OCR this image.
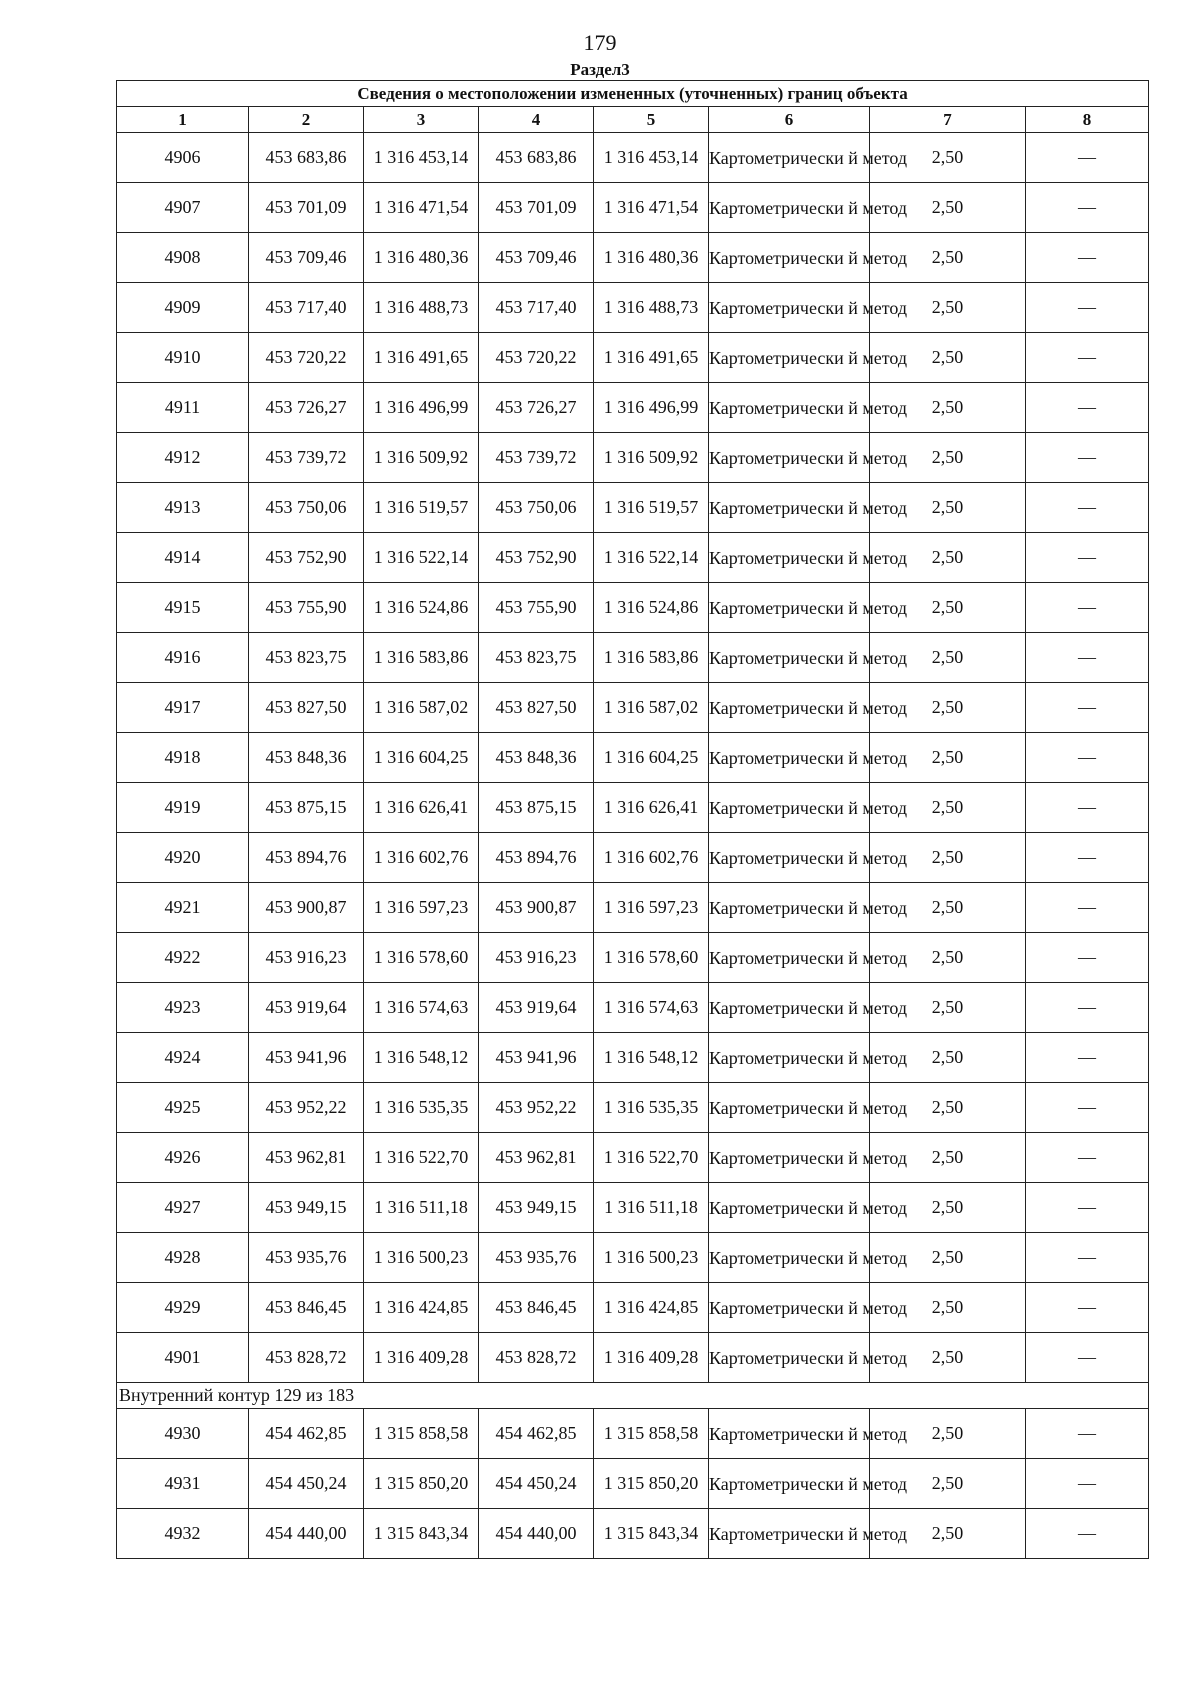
179
Раздел3
Сведения о местоположении измененных (уточненных) границ объекта							
1	2	3	4	5	6	7	8
4906	453 683,86	1 316 453,14	453 683,86	1 316 453,14	Картометрически й метод	2,50	—
4907	453 701,09	1 316 471,54	453 701,09	1 316 471,54	Картометрически й метод	2,50	—
4908	453 709,46	1 316 480,36	453 709,46	1 316 480,36	Картометрически й метод	2,50	—
4909	453 717,40	1 316 488,73	453 717,40	1 316 488,73	Картометрически й метод	2,50	—
4910	453 720,22	1 316 491,65	453 720,22	1 316 491,65	Картометрически й метод	2,50	—
4911	453 726,27	1 316 496,99	453 726,27	1 316 496,99	Картометрически й метод	2,50	—
4912	453 739,72	1 316 509,92	453 739,72	1 316 509,92	Картометрически й метод	2,50	—
4913	453 750,06	1 316 519,57	453 750,06	1 316 519,57	Картометрически й метод	2,50	—
4914	453 752,90	1 316 522,14	453 752,90	1 316 522,14	Картометрически й метод	2,50	—
4915	453 755,90	1 316 524,86	453 755,90	1 316 524,86	Картометрически й метод	2,50	—
4916	453 823,75	1 316 583,86	453 823,75	1 316 583,86	Картометрически й метод	2,50	—
4917	453 827,50	1 316 587,02	453 827,50	1 316 587,02	Картометрически й метод	2,50	—
4918	453 848,36	1 316 604,25	453 848,36	1 316 604,25	Картометрически й метод	2,50	—
4919	453 875,15	1 316 626,41	453 875,15	1 316 626,41	Картометрически й метод	2,50	—
4920	453 894,76	1 316 602,76	453 894,76	1 316 602,76	Картометрически й метод	2,50	—
4921	453 900,87	1 316 597,23	453 900,87	1 316 597,23	Картометрически й метод	2,50	—
4922	453 916,23	1 316 578,60	453 916,23	1 316 578,60	Картометрически й метод	2,50	—
4923	453 919,64	1 316 574,63	453 919,64	1 316 574,63	Картометрически й метод	2,50	—
4924	453 941,96	1 316 548,12	453 941,96	1 316 548,12	Картометрически й метод	2,50	—
4925	453 952,22	1 316 535,35	453 952,22	1 316 535,35	Картометрически й метод	2,50	—
4926	453 962,81	1 316 522,70	453 962,81	1 316 522,70	Картометрически й метод	2,50	—
4927	453 949,15	1 316 511,18	453 949,15	1 316 511,18	Картометрически й метод	2,50	—
4928	453 935,76	1 316 500,23	453 935,76	1 316 500,23	Картометрически й метод	2,50	—
4929	453 846,45	1 316 424,85	453 846,45	1 316 424,85	Картометрически й метод	2,50	—
4901	453 828,72	1 316 409,28	453 828,72	1 316 409,28	Картометрически й метод	2,50	—
Внутренний контур 129 из 183							
4930	454 462,85	1 315 858,58	454 462,85	1 315 858,58	Картометрически й метод	2,50	—
4931	454 450,24	1 315 850,20	454 450,24	1 315 850,20	Картометрически й метод	2,50	—
4932	454 440,00	1 315 843,34	454 440,00	1 315 843,34	Картометрически й метод	2,50	—
